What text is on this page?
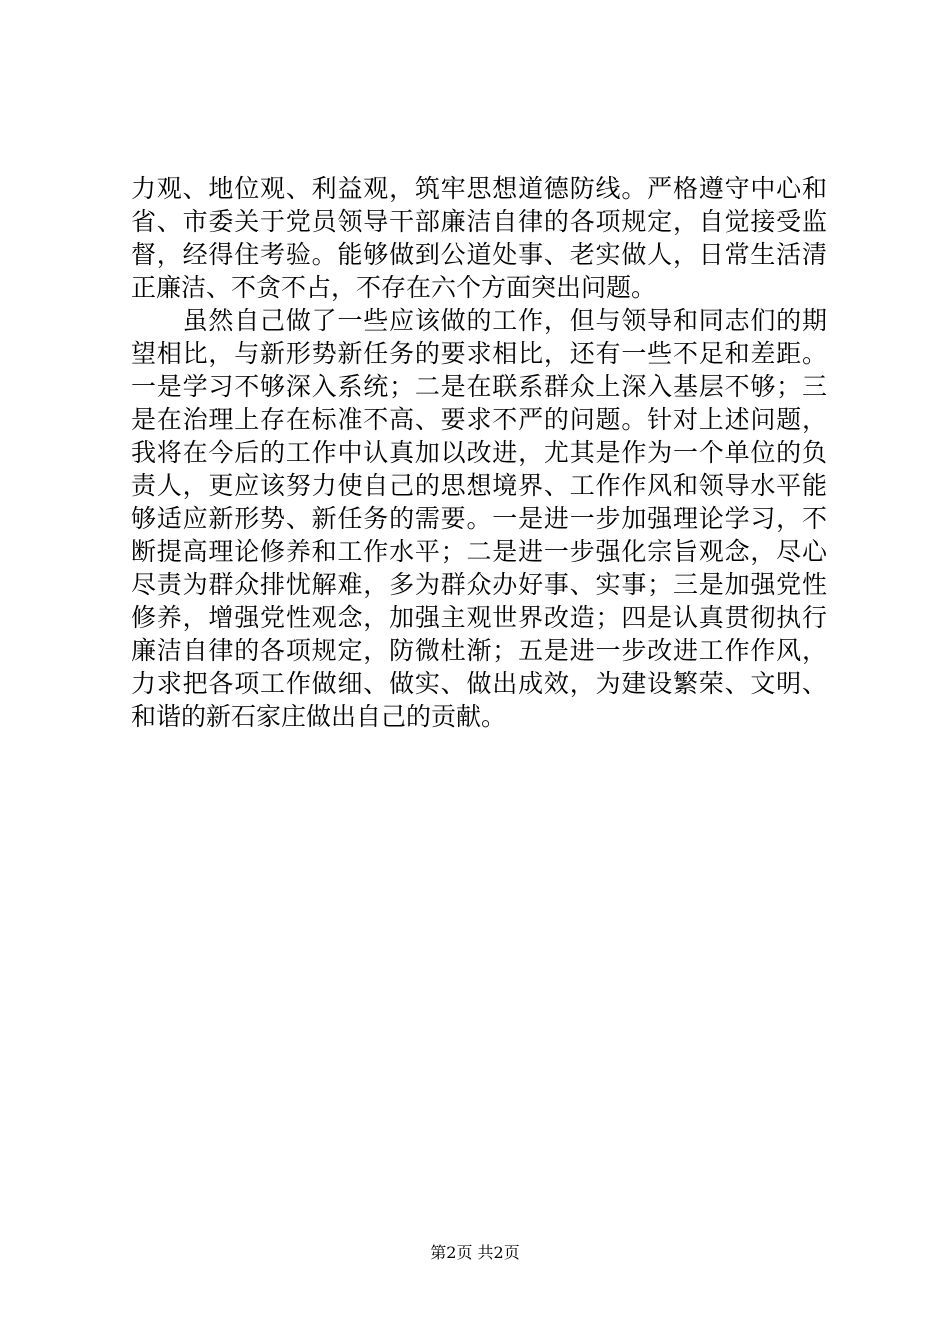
力观、地位观、利益观，筑牢思想道德防线。严格遵守中心和
省、市委关于党员领导干部廉洁自律的各项规定，自觉接受监
督，经得住考验。能够做到公道处事、老实做人，日常生活清
正廉洁、不贪不占，不存在六个方面突出问题。
　　虽然自己做了一些应该做的工作，但与领导和同志们的期
望相比，与新形势新任务的要求相比，还有一些不足和差距。
一是学习不够深入系统；二是在联系群众上深入基层不够；三
是在治理上存在标准不高、要求不严的问题。针对上述问题，
我将在今后的工作中认真加以改进，尤其是作为一个单位的负
责人，更应该努力使自己的思想境界、工作作风和领导水平能
够适应新形势、新任务的需要。一是进一步加强理论学习，不
断提高理论修养和工作水平；二是进一步强化宗旨观念，尽心
尽责为群众排忧解难，多为群众办好事、实事；三是加强党性
修养，增强党性观念，加强主观世界改造；四是认真贯彻执行
廉洁自律的各项规定，防微杜渐；五是进一步改进工作作风，
力求把各项工作做细、做实、做出成效，为建设繁荣、文明、
和谐的新石家庄做出自己的贡献。
第2页 共2页
